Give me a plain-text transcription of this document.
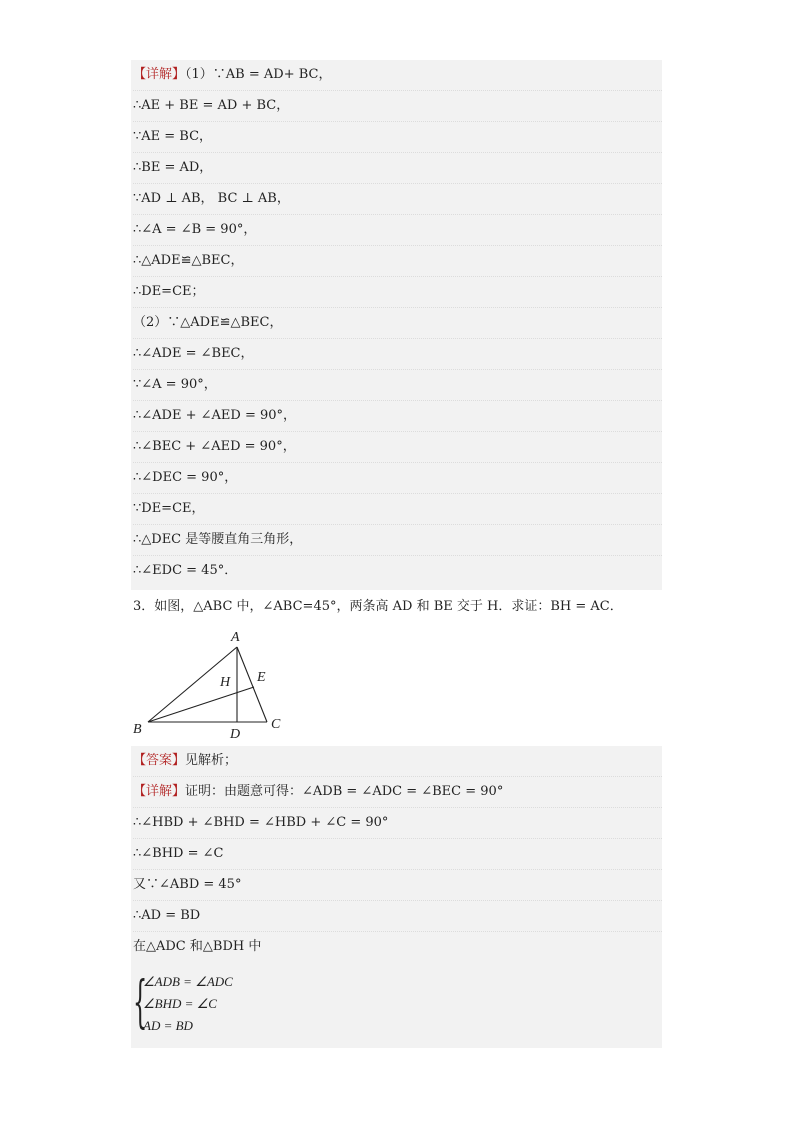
【详解】（1）∵AB = AD+ BC，
∴AE + BE = AD + BC，
∵AE = BC，
∴BE = AD，
∵AD ⊥ AB， BC ⊥ AB，
∴∠A = ∠B = 90°，
∴△ADE≌△BEC，
∴DE=CE；
（2）∵△ADE≌△BEC，
∴∠ADE = ∠BEC，
∵∠A = 90°，
∴∠ADE + ∠AED = 90°，
∴∠BEC + ∠AED = 90°，
∴∠DEC = 90°，
∵DE=CE，
∴△DEC 是等腰直角三角形，
∴∠EDC = 45°．
3．如图，△ABC 中，∠ABC=45°，两条高 AD 和 BE 交于 H．求证：BH = AC．
A
B	C
D
E
H
【答案】见解析；
【详解】证明：由题意可得：∠ADB = ∠ADC = ∠BEC = 90°
∴∠HBD + ∠BHD = ∠HBD + ∠C = 90°
∴∠BHD = ∠C
又∵∠ABD = 45°
∴AD = BD
在△ADC 和△BDH 中
{
∠ADB = ∠ADC
∠BHD = ∠C
AD = BD
